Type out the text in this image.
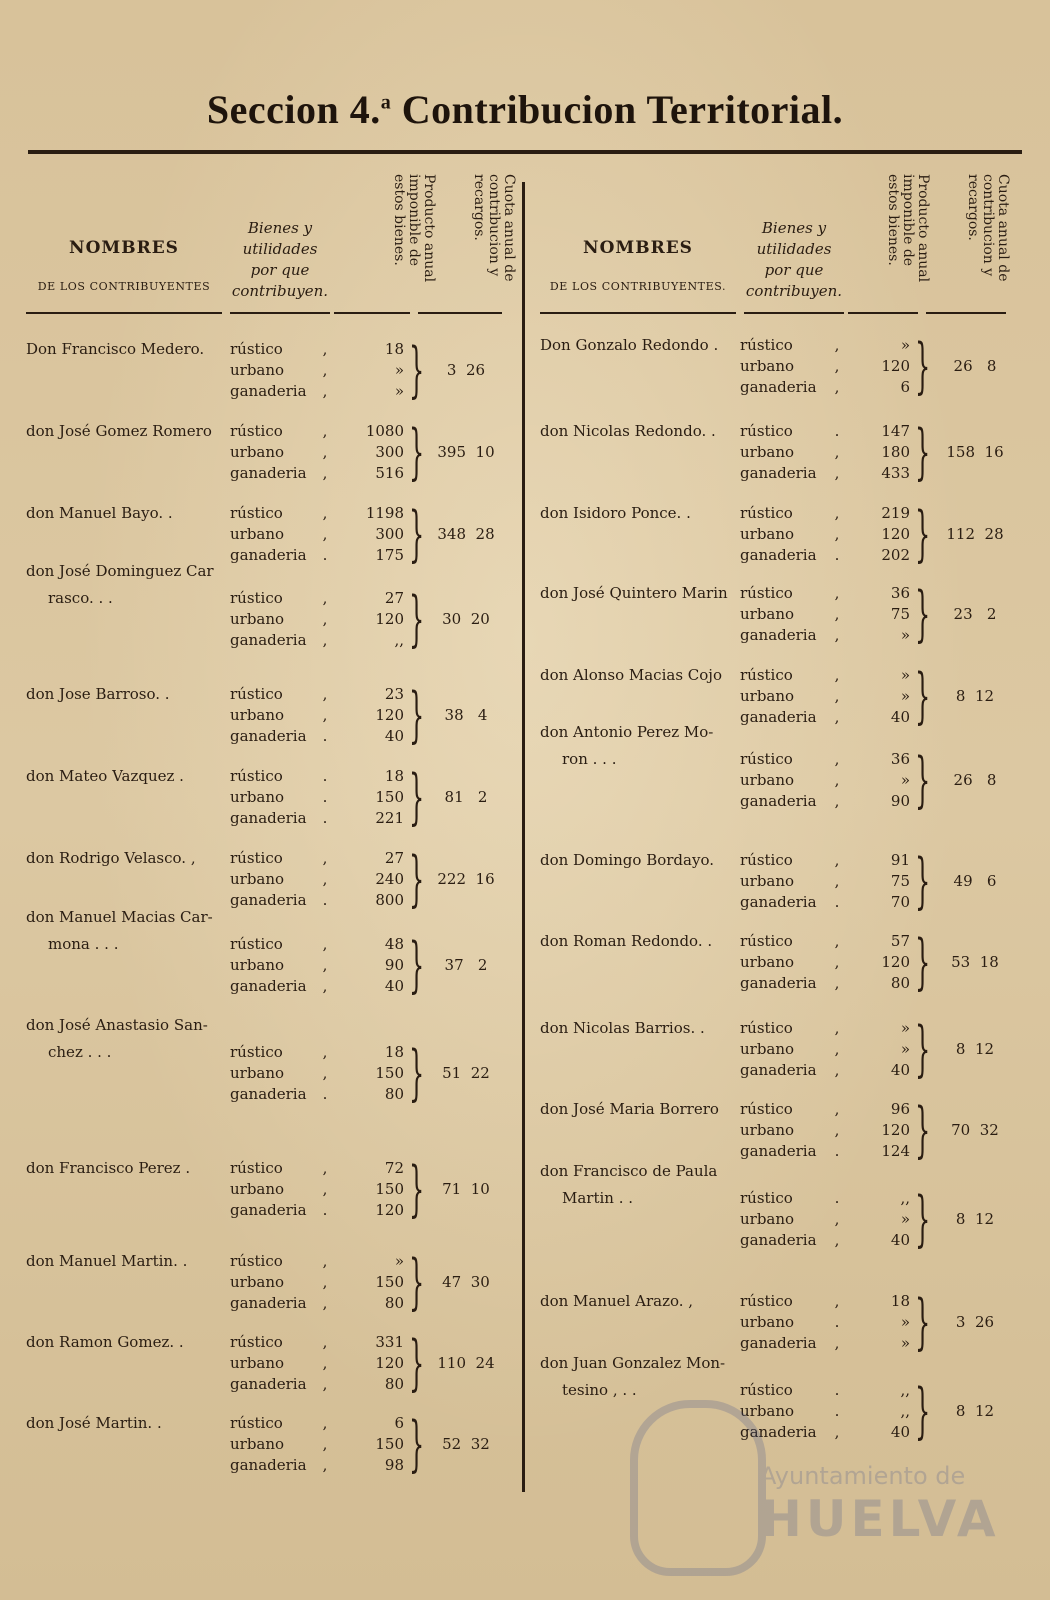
Seccion 4.$^a$ Contribucion Territorial.
NOMBRES
DE LOS CONTRIBUYENTES
Bienes y utilidades por que contribuyen.
Producto anual imponible de estos bienes.	Cuota anual de contribucion y recargos.
Don Francisco Medero. rústico	,	18
urbano	,	»
ganaderia	,	» }	3  26
don José Gomez Romero rústico	,	1080
urbano	,	300
ganaderia	,	516 } 395  10
don Manuel Bayo. .	rústico	,	1198
urbano	,	300
ganaderia	.	175 } 348  28
don José Dominguez Car
rasco. . .	rústico	,	27
urbano	,	120
ganaderia	,	,, }	30  20
don Jose Barroso. .	rústico	,	23
urbano	,	120
ganaderia	.	40 }	38   4
don Mateo Vazquez .	rústico	.	18
urbano	.	150
ganaderia	.	221 }	81   2
don Rodrigo Velasco. , rústico	,	27
urbano	,	240
ganaderia	.	800 } 222  16
don Manuel Macias Car-
mona . . .	rústico	,	48
urbano	,	90
ganaderia	,	40 }	37   2
don José Anastasio San-
chez . . .	rústico	,	18
urbano	,	150
ganaderia	.	80 }	51  22
don Francisco Perez .	rústico	,	72
urbano	,	150
ganaderia	.	120 }	71  10
don Manuel Martin. .	rústico	,	»
urbano	,	150
ganaderia	,	80 }	47  30
don Ramon Gomez. .	rústico	,	331
urbano	,	120
ganaderia	,	80 } 110  24
don José Martin. .	rústico	,	6
urbano	,	150
ganaderia	,	98 }	52  32
NOMBRES
DE LOS CONTRIBUYENTES.
Bienes y utilidades por que contribuyen.
Producto anual imponible de estos bienes.	Cuota anual de contribucion y recargos.
Don Gonzalo Redondo . rústico	,	»
urbano	,	120
ganaderia	,	6 }	26   8
don Nicolas Redondo. . rústico	.	147
urbano	,	180
ganaderia	,	433 }	158  16
don Isidoro Ponce. .	rústico	,	219
urbano	,	120
ganaderia	.	202 }	112  28
don José Quintero Marin rústico	,	36
urbano	,	75
ganaderia	,	» }	23   2
don Alonso Macias Cojo rústico	,	»
urbano	,	»
ganaderia	,	40 }	8  12
don Antonio Perez Mo-
ron . . .	rústico	,	36
urbano	,	»
ganaderia	,	90 }	26   8
don Domingo Bordayo. rústico	,	91
urbano	,	75
ganaderia	.	70 }	49   6
don Roman Redondo. . rústico	,	57
urbano	,	120
ganaderia	,	80 }	53  18
don Nicolas Barrios. . rústico	,	»
urbano	,	»
ganaderia	,	40 }	8  12
don José Maria Borrero rústico	,	96
urbano	,	120
ganaderia	.	124 }	70  32
don Francisco de Paula
Martin . .	rústico	.	,,
urbano	,	»
ganaderia	,	40 }	8  12
don Manuel Arazo. ,	rústico	,	18
urbano	.	»
ganaderia	,	» }	3  26
don Juan Gonzalez Mon-
tesino , . .	rústico	.	,,
urbano	.	,,
ganaderia	,	40 }	8  12
Ayuntamiento de
HUELVA
